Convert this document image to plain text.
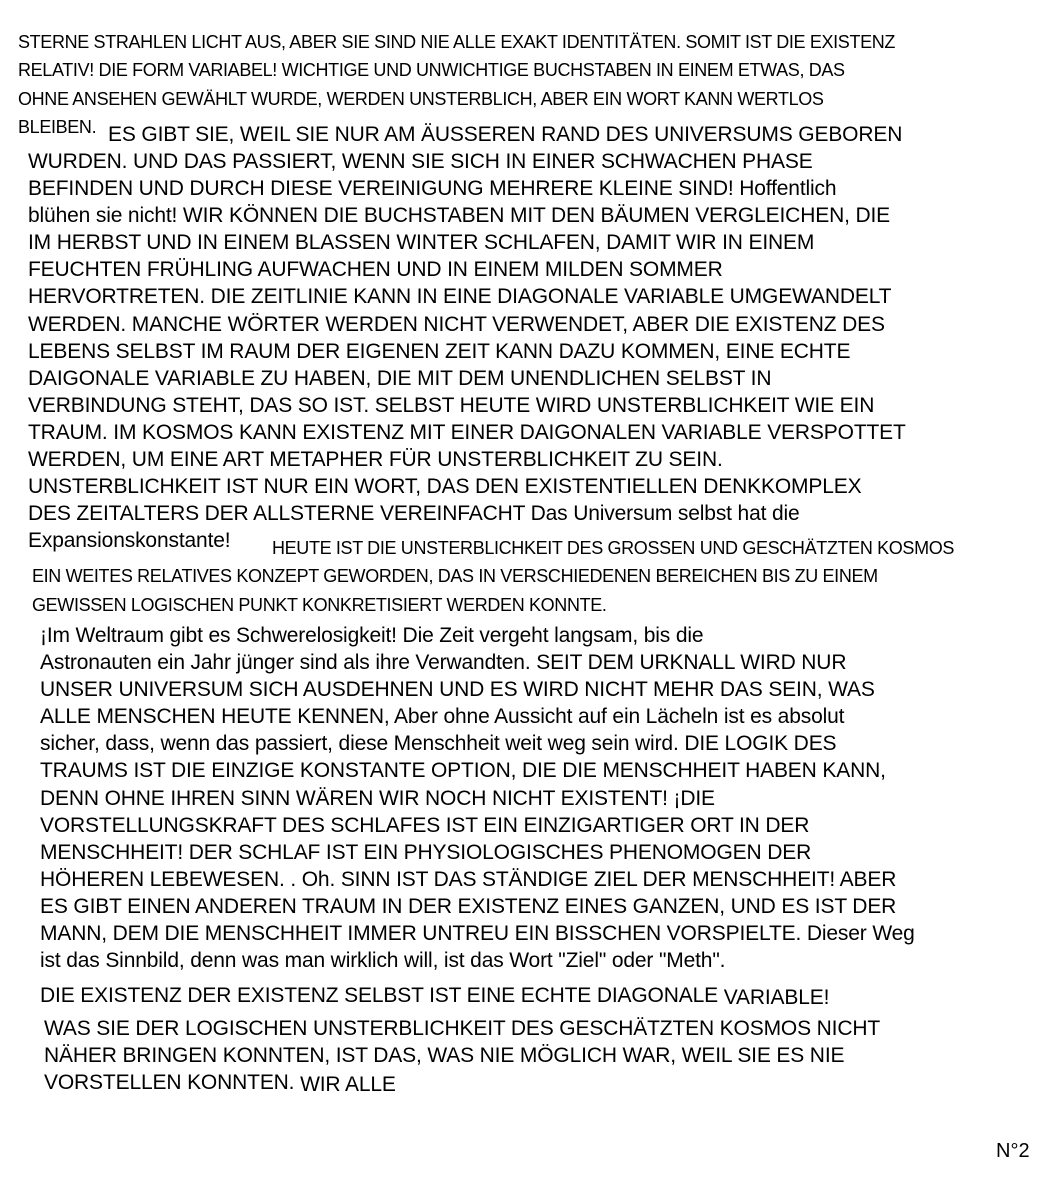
STERNE STRAHLEN LICHT AUS, ABER SIE SIND NIE ALLE EXAKT IDENTITÄTEN. SOMIT IST DIE EXISTENZ
RELATIV! DIE FORM VARIABEL! WICHTIGE UND UNWICHTIGE BUCHSTABEN IN EINEM ETWAS, DAS
OHNE ANSEHEN GEWÄHLT WURDE, WERDEN UNSTERBLICH, ABER EIN WORT KANN WERTLOS
BLEIBEN. ES GIBT SIE, WEIL SIE NUR AM ÄUSSEREN RAND DES UNIVERSUMS GEBOREN
WURDEN. UND DAS PASSIERT, WENN SIE SICH IN EINER SCHWACHEN PHASE
BEFINDEN UND DURCH DIESE VEREINIGUNG MEHRERE KLEINE SIND! Hoffentlich
blühen sie nicht! WIR KÖNNEN DIE BUCHSTABEN MIT DEN BÄUMEN VERGLEICHEN, DIE
IM HERBST UND IN EINEM BLASSEN WINTER SCHLAFEN, DAMIT WIR IN EINEM
FEUCHTEN FRÜHLING AUFWACHEN UND IN EINEM MILDEN SOMMER
HERVORTRETEN. DIE ZEITLINIE KANN IN EINE DIAGONALE VARIABLE UMGEWANDELT
WERDEN. MANCHE WÖRTER WERDEN NICHT VERWENDET, ABER DIE EXISTENZ DES
LEBENS SELBST IM RAUM DER EIGENEN ZEIT KANN DAZU KOMMEN, EINE ECHTE
DAIGONALE VARIABLE ZU HABEN, DIE MIT DEM UNENDLICHEN SELBST IN
VERBINDUNG STEHT, DAS SO IST. SELBST HEUTE WIRD UNSTERBLICHKEIT WIE EIN
TRAUM. IM KOSMOS KANN EXISTENZ MIT EINER DAIGONALEN VARIABLE VERSPOTTET
WERDEN, UM EINE ART METAPHER FÜR UNSTERBLICHKEIT ZU SEIN.
UNSTERBLICHKEIT IST NUR EIN WORT, DAS DEN EXISTENTIELLEN DENKKOMPLEX
DES ZEITALTERS DER ALLSTERNE VEREINFACHT Das Universum selbst hat die
Expansionskonstante!	HEUTE IST DIE UNSTERBLICHKEIT DES GROSSEN UND GESCHÄTZTEN KOSMOS
EIN WEITES RELATIVES KONZEPT GEWORDEN, DAS IN VERSCHIEDENEN BEREICHEN BIS ZU EINEM
GEWISSEN LOGISCHEN PUNKT KONKRETISIERT WERDEN KONNTE.
¡Im Weltraum gibt es Schwerelosigkeit! Die Zeit vergeht langsam, bis die
Astronauten ein Jahr jünger sind als ihre Verwandten. SEIT DEM URKNALL WIRD NUR
UNSER UNIVERSUM SICH AUSDEHNEN UND ES WIRD NICHT MEHR DAS SEIN, WAS
ALLE MENSCHEN HEUTE KENNEN, Aber ohne Aussicht auf ein Lächeln ist es absolut
sicher, dass, wenn das passiert, diese Menschheit weit weg sein wird. DIE LOGIK DES
TRAUMS IST DIE EINZIGE KONSTANTE OPTION, DIE DIE MENSCHHEIT HABEN KANN,
DENN OHNE IHREN SINN WÄREN WIR NOCH NICHT EXISTENT! ¡DIE
VORSTELLUNGSKRAFT DES SCHLAFES IST EIN EINZIGARTIGER ORT IN DER
MENSCHHEIT! DER SCHLAF IST EIN PHYSIOLOGISCHES PHENOMOGEN DER
HÖHEREN LEBEWESEN. . Oh. SINN IST DAS STÄNDIGE ZIEL DER MENSCHHEIT! ABER
ES GIBT EINEN ANDEREN TRAUM IN DER EXISTENZ EINES GANZEN, UND ES IST DER
MANN, DEM DIE MENSCHHEIT IMMER UNTREU EIN BISSCHEN VORSPIELTE. Dieser Weg
ist das Sinnbild, denn was man wirklich will, ist das Wort "Ziel" oder "Meth".
DIE EXISTENZ DER EXISTENZ SELBST IST EINE ECHTE DIAGONALE VARIABLE!
WAS SIE DER LOGISCHEN UNSTERBLICHKEIT DES GESCHÄTZTEN KOSMOS NICHT
NÄHER BRINGEN KONNTEN, IST DAS, WAS NIE MÖGLICH WAR, WEIL SIE ES NIE
VORSTELLEN KONNTEN. WIR ALLE
N°2
